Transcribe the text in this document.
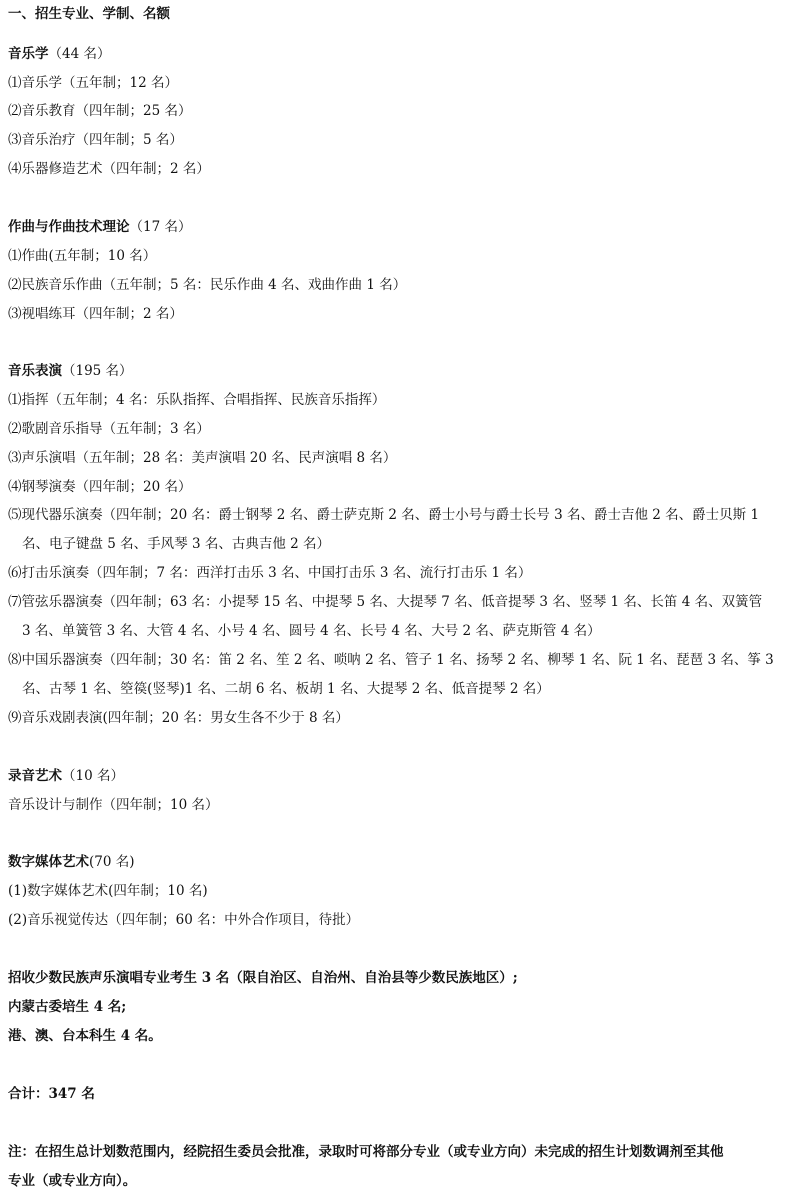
一、招生专业、学制、名额
音乐学（44 名）
⑴音乐学（五年制；12 名）
⑵音乐教育（四年制；25 名）
⑶音乐治疗（四年制；5 名）
⑷乐器修造艺术（四年制；2 名）
作曲与作曲技术理论（17 名）
⑴作曲(五年制；10 名）
⑵民族音乐作曲（五年制；5 名：民乐作曲 4 名、戏曲作曲 1 名）
⑶视唱练耳（四年制；2 名）
音乐表演（195 名）
⑴指挥（五年制；4 名：乐队指挥、合唱指挥、民族音乐指挥）
⑵歌剧音乐指导（五年制；3 名）
⑶声乐演唱（五年制；28 名：美声演唱 20 名、民声演唱 8 名）
⑷钢琴演奏（四年制；20 名）
⑸现代器乐演奏（四年制；20 名：爵士钢琴 2 名、爵士萨克斯 2 名、爵士小号与爵士长号 3 名、爵士吉他 2 名、爵士贝斯 1
名、电子键盘 5 名、手风琴 3 名、古典吉他 2 名）
⑹打击乐演奏（四年制；7 名：西洋打击乐 3 名、中国打击乐 3 名、流行打击乐 1 名）
⑺管弦乐器演奏（四年制；63 名：小提琴 15 名、中提琴 5 名、大提琴 7 名、低音提琴 3 名、竖琴 1 名、长笛 4 名、双簧管
3 名、单簧管 3 名、大管 4 名、小号 4 名、圆号 4 名、长号 4 名、大号 2 名、萨克斯管 4 名）
⑻中国乐器演奏（四年制；30 名：笛 2 名、笙 2 名、唢呐 2 名、管子 1 名、扬琴 2 名、柳琴 1 名、阮 1 名、琵琶 3 名、筝 3
名、古琴 1 名、箜篌(竖琴)1 名、二胡 6 名、板胡 1 名、大提琴 2 名、低音提琴 2 名）
⑼音乐戏剧表演(四年制；20 名：男女生各不少于 8 名）
录音艺术（10 名）
音乐设计与制作（四年制；10 名）
数字媒体艺术(70 名)
(1)数字媒体艺术(四年制；10 名)
(2)音乐视觉传达（四年制；60 名：中外合作项目，待批）
招收少数民族声乐演唱专业考生 3 名（限自治区、自治州、自治县等少数民族地区）;
内蒙古委培生 4 名;
港、澳、台本科生 4 名。
合计：347 名
注：在招生总计划数范围内，经院招生委员会批准，录取时可将部分专业（或专业方向）未完成的招生计划数调剂至其他
专业（或专业方向）。
